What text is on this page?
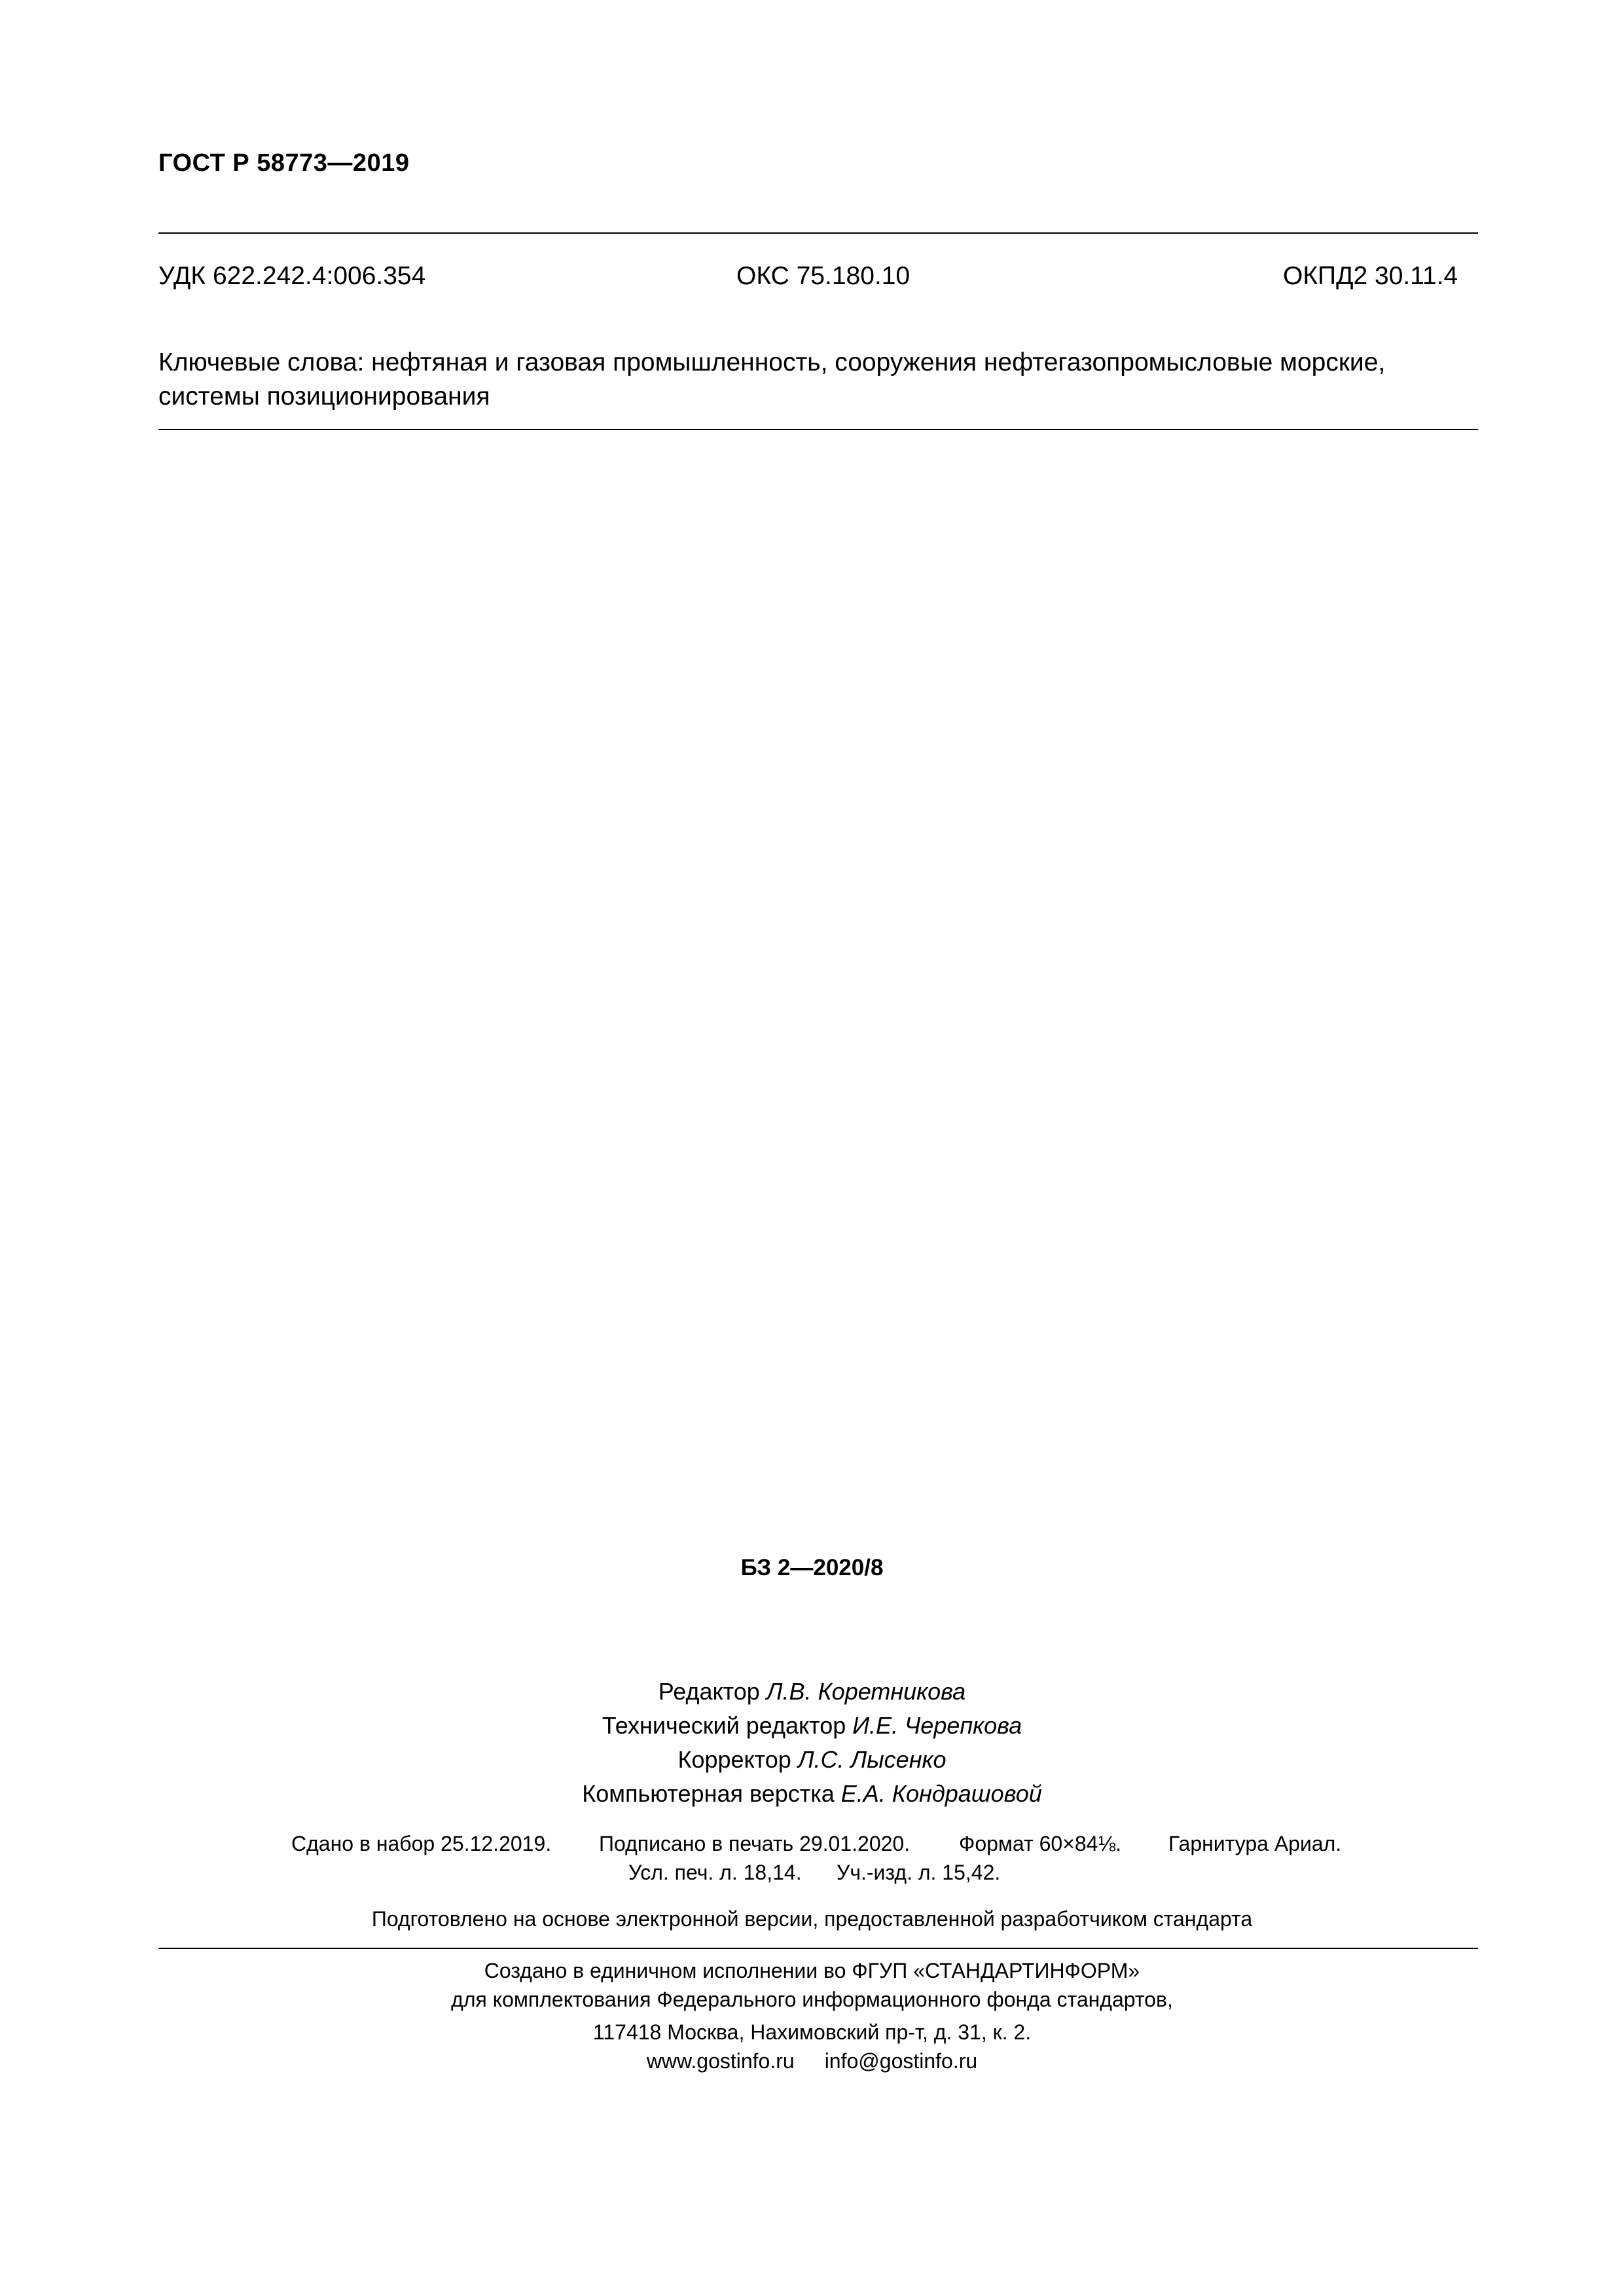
ГОСТ Р 58773—2019
УДК 622.242.4:006.354	ОКС 75.180.10	ОКПД2 30.11.4
Ключевые слова: нефтяная и газовая промышленность, сооружения нефтегазопромысловые морские,
системы позиционирования
БЗ 2—2020/8
Редактор Л.В. Коретникова
Технический редактор И.Е. Черепкова
Корректор Л.С. Лысенко
Компьютерная верстка Е.А. Кондрашовой
Сдано в набор 25.12.2019. Подписано в печать 29.01.2020. Формат 60×84⅛. Гарнитура Ариал.
Усл. печ. л. 18,14. Уч.-изд. л. 15,42.
Подготовлено на основе электронной версии, предоставленной разработчиком стандарта
Создано в единичном исполнении во ФГУП «СТАНДАРТИНФОРМ»
для комплектования Федерального информационного фонда стандартов,
117418 Москва, Нахимовский пр-т, д. 31, к. 2.
www.gostinfo.ru info@gostinfo.ru
